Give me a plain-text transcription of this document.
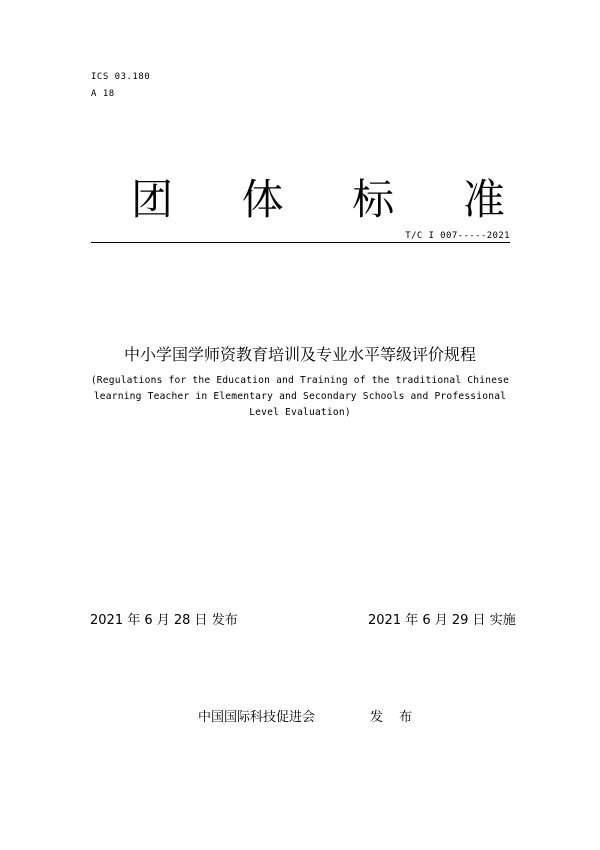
ICS 03.180
A 18
团 体 标 准
T/C I 007-----2021
中小学国学师资教育培训及专业水平等级评价规程
(Regulations for the Education and Training of the traditional Chinese
learning Teacher in Elementary and Secondary Schools and Professional
Level Evaluation)
2021 年 6 月 28 日 发布	2021 年 6 月 29 日 实施
中国国际科技促进会	发 布
